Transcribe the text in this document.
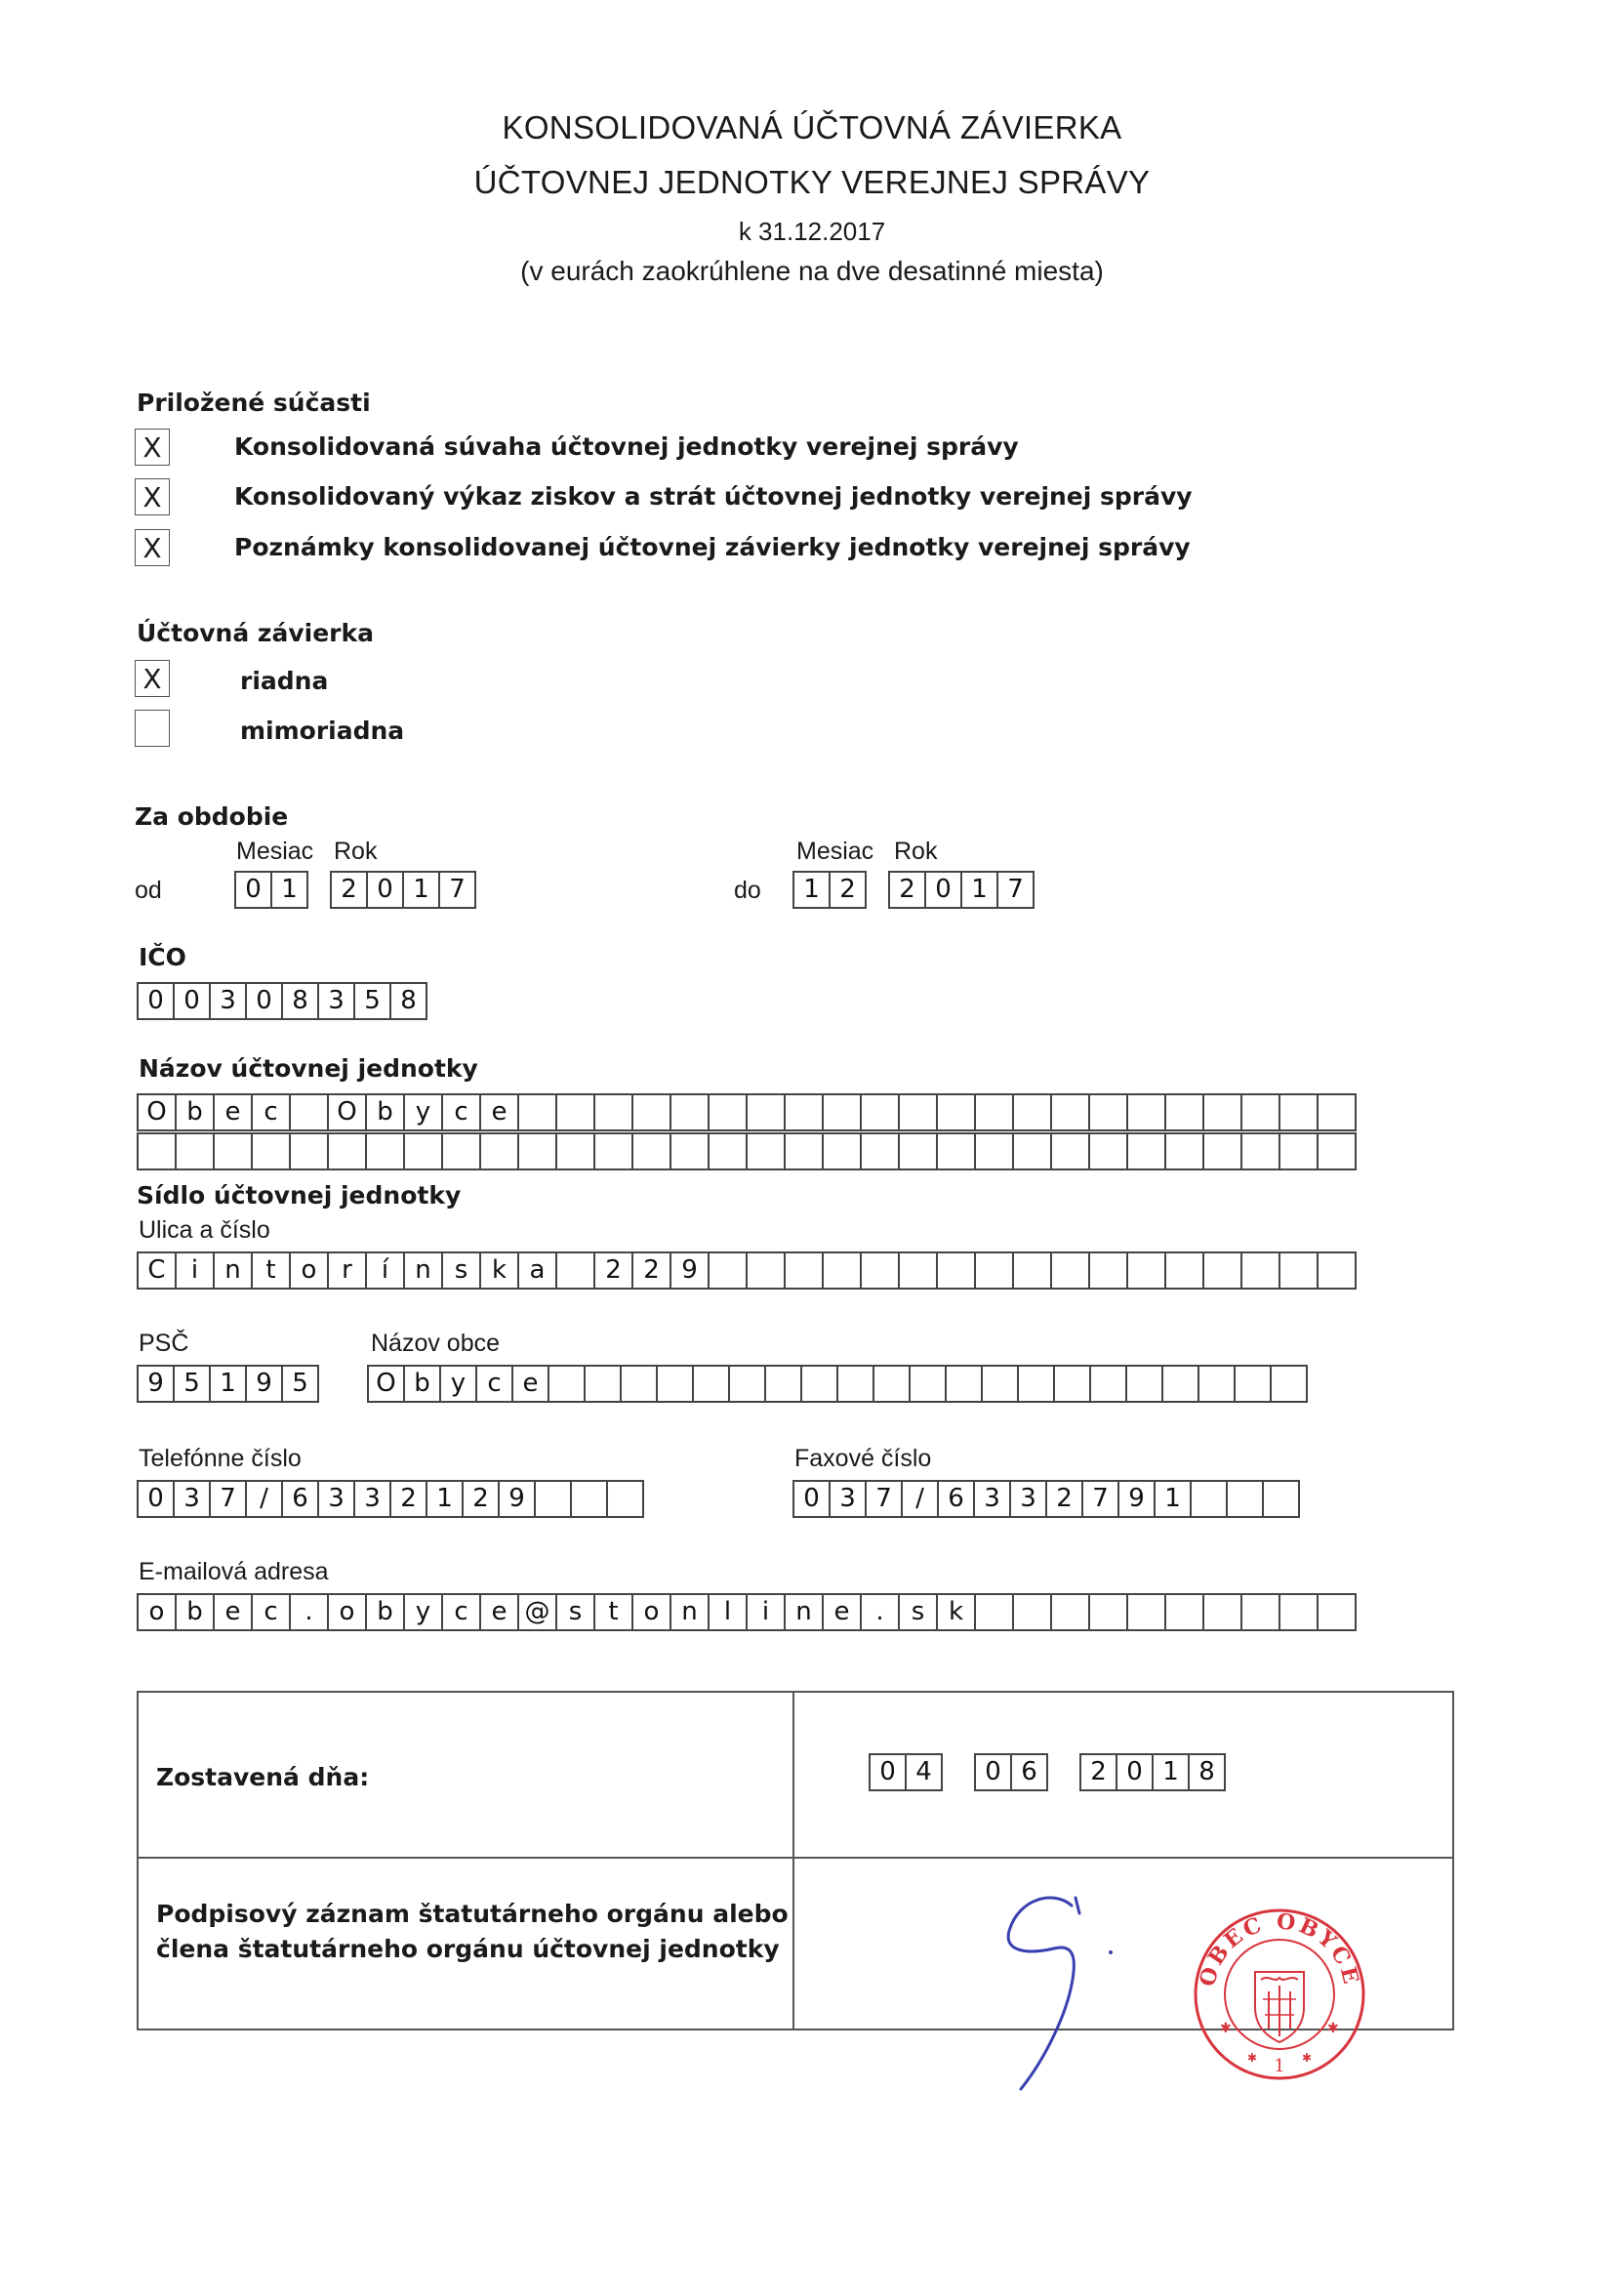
KONSOLIDOVANÁ ÚČTOVNÁ ZÁVIERKA
ÚČTOVNEJ JEDNOTKY VEREJNEJ SPRÁVY
k 31.12.2017
(v eurách zaokrúhlene na dve desatinné miesta)
Priložené súčasti
X	Konsolidovaná súvaha účtovnej jednotky verejnej správy
X	Konsolidovaný výkaz ziskov a strát účtovnej jednotky verejnej správy
X	Poznámky konsolidovanej účtovnej závierky jednotky verejnej správy
Účtovná závierka
X	riadna
mimoriadna
Za obdobie
Mesiac Rok
od	0 1	2 0 1 7
Mesiac Rok
do	1 2	2 0 1 7
IČO
0 0 3 0 8 3 5 8
Názov účtovnej jednotky
O b e c	O b y c e
Sídlo účtovnej jednotky
Ulica a číslo
C	i	n t o r	í	n s k a	2 2 9
PSČ	Názov obce
9 5 1 9 5	O b y c e
Telefónne číslo
0 3 7 / 6 3 3 2 1 2 9
Faxové číslo
0 3 7 / 6 3 3 2 7 9 1
E-mailová adresa
o b e c	.	o b y c e @ s	t o n	l	i	n e	.	s k
Zostavená dňa:	0 4	0 6	2 0 1 8
Podpisový záznam štatutárneho orgánu alebo
člena štatutárneho orgánu účtovnej jednotky
OBEC OBYCE
1
✱	✱
✱	✱
